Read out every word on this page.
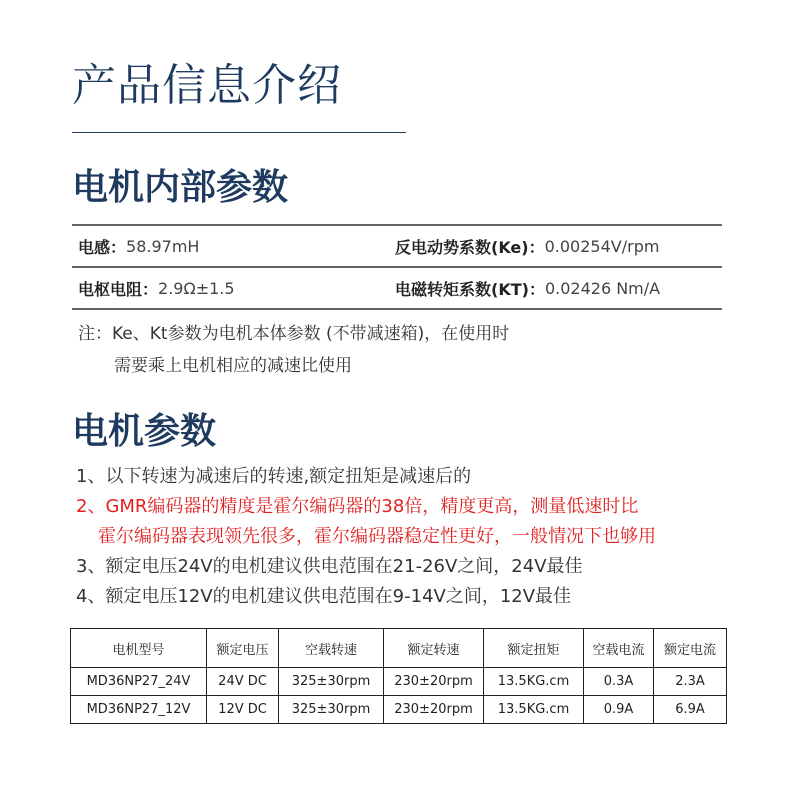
产品信息介绍
电机内部参数
电感： 58.97mH	反电动势系数(Ke)： 0.00254V/rpm
电枢电阻： 2.9Ω±1.5	电磁转矩系数(KT)： 0.02426 Nm/A
注：Ke、Kt参数为电机本体参数 (不带减速箱)，在使用时
需要乘上电机相应的减速比使用
电机参数
1、以下转速为减速后的转速,额定扭矩是减速后的
2、GMR编码器的精度是霍尔编码器的38倍，精度更高，测量低速时比
霍尔编码器表现领先很多，霍尔编码器稳定性更好，一般情况下也够用
3、额定电压24V的电机建议供电范围在21-26V之间，24V最佳
4、额定电压12V的电机建议供电范围在9-14V之间，12V最佳
电机型号	额定电压	空载转速	额定转速	额定扭矩	空载电流	额定电流
MD36NP27_24V	24V DC	325±30rpm	230±20rpm	13.5KG.cm	0.3A	2.3A
MD36NP27_12V	12V DC	325±30rpm	230±20rpm	13.5KG.cm	0.9A	6.9A
